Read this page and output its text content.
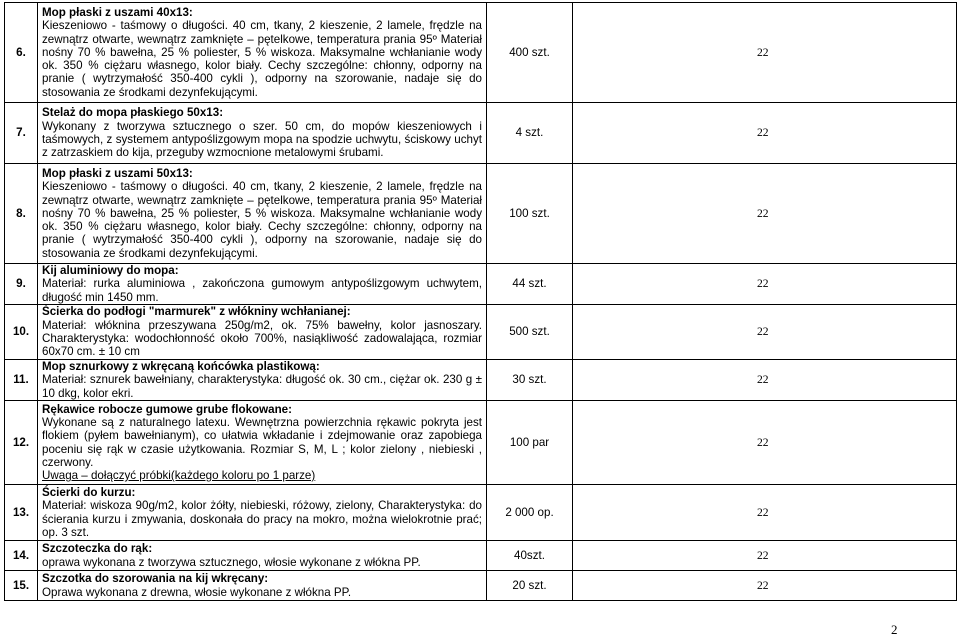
6.	Mop płaski z uszami 40x13:
Kieszeniowo - taśmowy o długości. 40 cm, tkany, 2 kieszenie, 2 lamele, frędzle na zewnątrz otwarte, wewnątrz zamknięte – pętelkowe, temperatura prania 95º Materiał nośny 70 % bawełna, 25 % poliester, 5 % wiskoza. Maksymalne wchłanianie wody ok. 350 % ciężaru własnego, kolor biały. Cechy szczególne: chłonny, odporny na pranie ( wytrzymałość 350-400 cykli ), odporny na szorowanie, nadaje się do stosowania ze środkami dezynfekującymi.	400 szt.	22
7.	Stelaż do mopa płaskiego 50x13:
Wykonany z tworzywa sztucznego o szer. 50 cm, do mopów kieszeniowych i taśmowych, z systemem antypoślizgowym mopa na spodzie uchwytu, ściskowy uchyt z zatrzaskiem do kija, przeguby wzmocnione metalowymi śrubami.	4 szt.	22
8.	Mop płaski z uszami 50x13:
Kieszeniowo - taśmowy o długości. 40 cm, tkany, 2 kieszenie, 2 lamele, frędzle na zewnątrz otwarte, wewnątrz zamknięte – pętelkowe, temperatura prania 95º Materiał nośny 70 % bawełna, 25 % poliester, 5 % wiskoza. Maksymalne wchłanianie wody ok. 350 % ciężaru własnego, kolor biały. Cechy szczególne: chłonny, odporny na pranie ( wytrzymałość 350-400 cykli ), odporny na szorowanie, nadaje się do stosowania ze środkami dezynfekującymi.	100 szt.	22
9.	Kij aluminiowy do mopa:
Materiał: rurka aluminiowa , zakończona gumowym antypoślizgowym uchwytem, długość min 1450 mm.	44 szt.	22
10.	Ścierka do podłogi "marmurek" z włókniny wchłanianej:
Materiał: włóknina przeszywana 250g/m2, ok. 75% bawełny, kolor jasnoszary. Charakterystyka: wodochłonność około 700%, nasiąkliwość zadowalająca, rozmiar 60x70 cm. ± 10 cm	500 szt.	22
11.	Mop sznurkowy z wkręcaną końcówka plastikową:
Materiał: sznurek bawełniany, charakterystyka: długość ok. 30 cm., ciężar ok. 230 g ± 10 dkg, kolor ekri.	30 szt.	22
12.	Rękawice robocze gumowe grube flokowane:
Wykonane są z naturalnego latexu. Wewnętrzna powierzchnia rękawic pokryta jest flokiem (pyłem bawełnianym), co ułatwia wkładanie i zdejmowanie oraz zapobiega poceniu się rąk w czasie użytkowania. Rozmiar S, M, L ; kolor zielony , niebieski , czerwony.
Uwaga – dołączyć próbki(każdego koloru po 1 parze)	100 par	22
13.	Ścierki do kurzu:
Materiał: wiskoza 90g/m2, kolor żółty, niebieski, różowy, zielony, Charakterystyka: do ścierania kurzu i zmywania, doskonała do pracy na mokro, można wielokrotnie prać; op. 3 szt.	2 000 op.	22
14.	Szczoteczka do rąk:
oprawa wykonana z tworzywa sztucznego, włosie wykonane z włókna PP.	40szt.	22
15.	Szczotka do szorowania na kij wkręcany:
Oprawa wykonana z drewna, włosie wykonane z włókna PP.	20 szt.	22
2
